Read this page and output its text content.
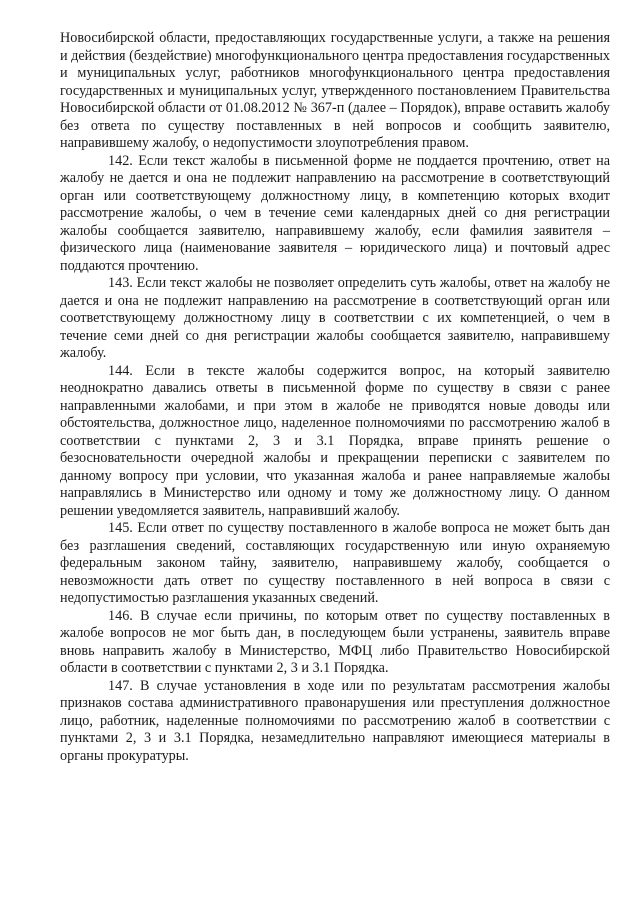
Новосибирской области, предоставляющих государственные услуги, а также на решения и действия (бездействие) многофункционального центра предоставления государственных и муниципальных услуг, работников многофункционального центра предоставления государственных и муниципальных услуг, утвержденного постановлением Правительства Новосибирской области от 01.08.2012 № 367-п (далее – Порядок), вправе оставить жалобу без ответа по существу поставленных в ней вопросов и сообщить заявителю, направившему жалобу, о недопустимости злоупотребления правом.

142. Если текст жалобы в письменной форме не поддается прочтению, ответ на жалобу не дается и она не подлежит направлению на рассмотрение в соответствующий орган или соответствующему должностному лицу, в компетенцию которых входит рассмотрение жалобы, о чем в течение семи календарных дней со дня регистрации жалобы сообщается заявителю, направившему жалобу, если фамилия заявителя – физического лица (наименование заявителя – юридического лица) и почтовый адрес поддаются прочтению.

143. Если текст жалобы не позволяет определить суть жалобы, ответ на жалобу не дается и она не подлежит направлению на рассмотрение в соответствующий орган или соответствующему должностному лицу в соответствии с их компетенцией, о чем в течение семи дней со дня регистрации жалобы сообщается заявителю, направившему жалобу.

144. Если в тексте жалобы содержится вопрос, на который заявителю неоднократно давались ответы в письменной форме по существу в связи с ранее направленными жалобами, и при этом в жалобе не приводятся новые доводы или обстоятельства, должностное лицо, наделенное полномочиями по рассмотрению жалоб в соответствии с пунктами 2, 3 и 3.1 Порядка, вправе принять решение о безосновательности очередной жалобы и прекращении переписки с заявителем по данному вопросу при условии, что указанная жалоба и ранее направляемые жалобы направлялись в Министерство или одному и тому же должностному лицу. О данном решении уведомляется заявитель, направивший жалобу.

145. Если ответ по существу поставленного в жалобе вопроса не может быть дан без разглашения сведений, составляющих государственную или иную охраняемую федеральным законом тайну, заявителю, направившему жалобу, сообщается о невозможности дать ответ по существу поставленного в ней вопроса в связи с недопустимостью разглашения указанных сведений.

146. В случае если причины, по которым ответ по существу поставленных в жалобе вопросов не мог быть дан, в последующем были устранены, заявитель вправе вновь направить жалобу в Министерство, МФЦ либо Правительство Новосибирской области в соответствии с пунктами 2, 3 и 3.1 Порядка.

147. В случае установления в ходе или по результатам рассмотрения жалобы признаков состава административного правонарушения или преступления должностное лицо, работник, наделенные полномочиями по рассмотрению жалоб в соответствии с пунктами 2, 3 и 3.1 Порядка, незамедлительно направляют имеющиеся материалы в органы прокуратуры.
